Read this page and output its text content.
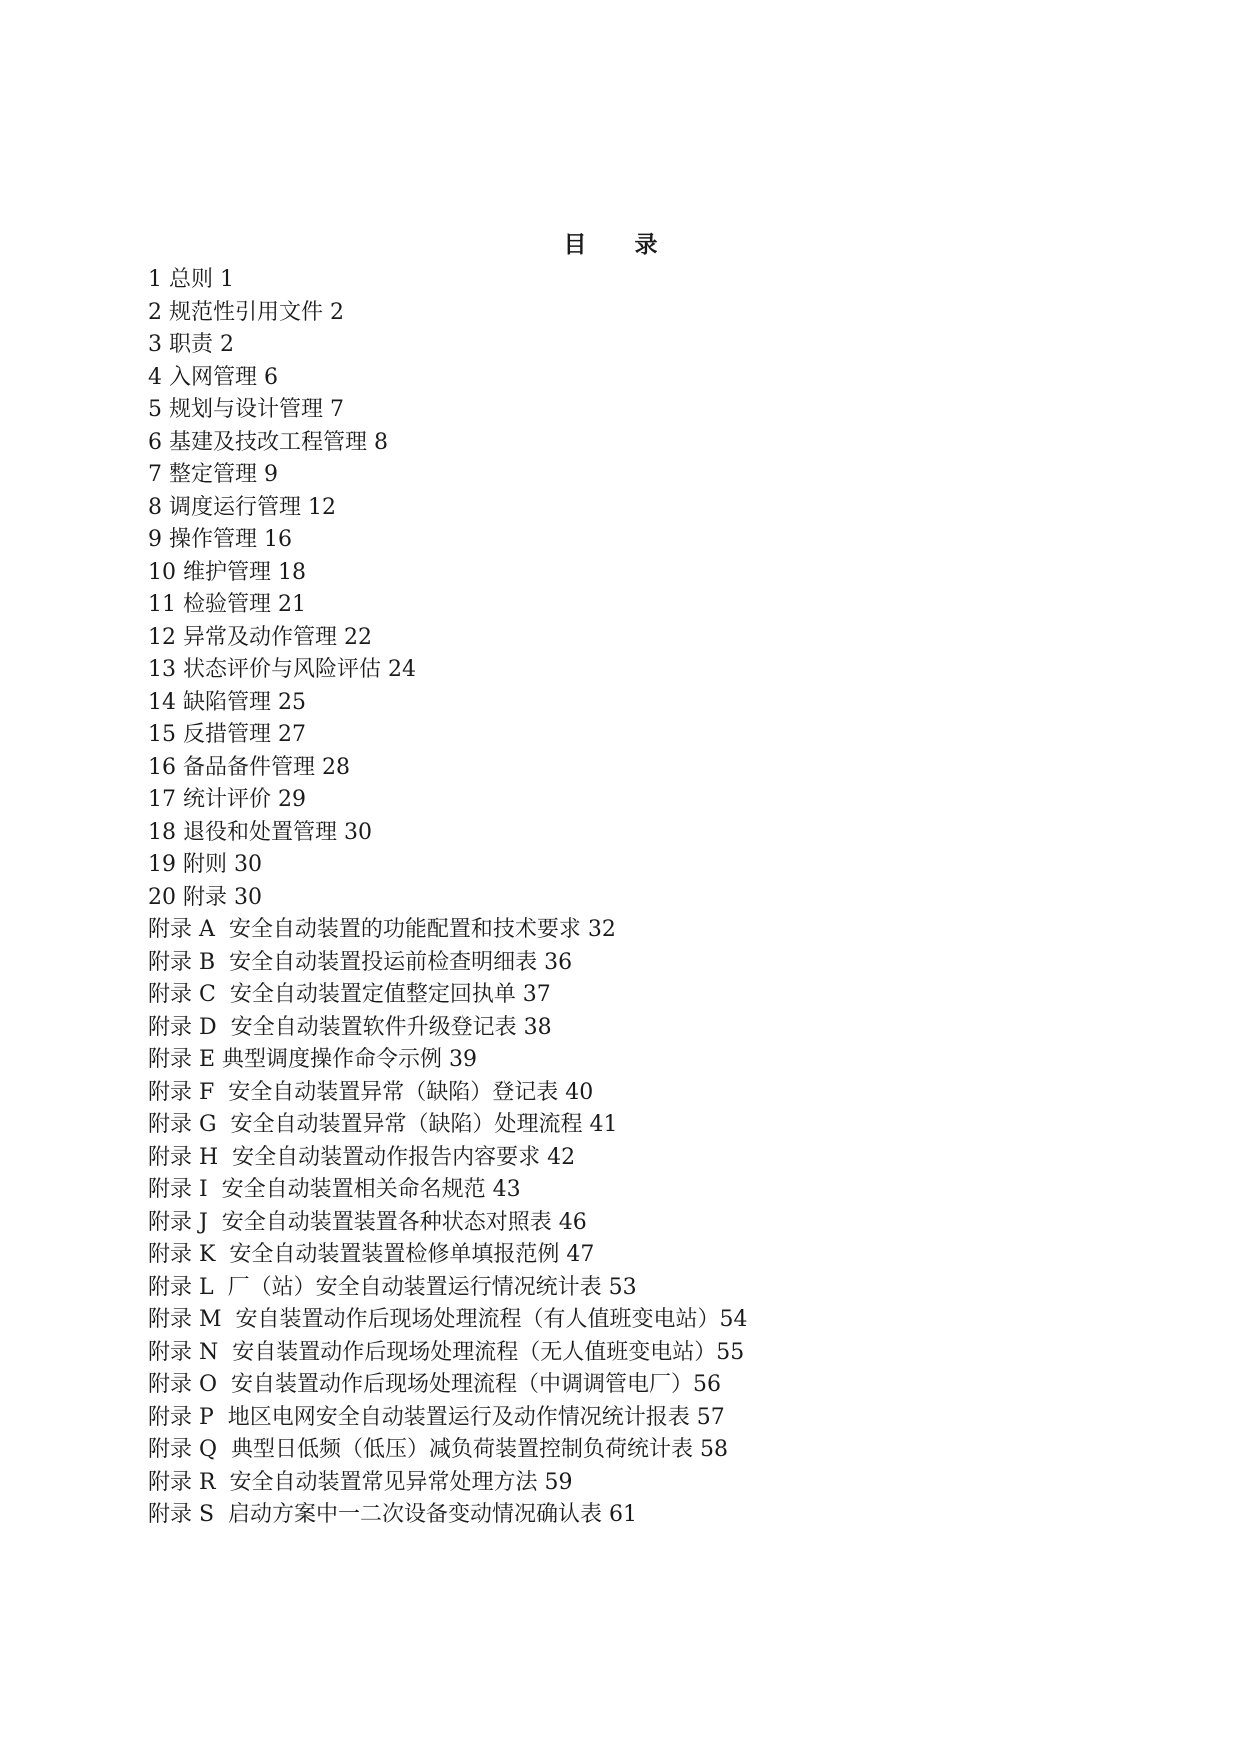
目 录
1 总则 1
2 规范性引用文件 2
3 职责 2
4 入网管理 6
5 规划与设计管理 7
6 基建及技改工程管理 8
7 整定管理 9
8 调度运行管理 12
9 操作管理 16
10 维护管理 18
11 检验管理 21
12 异常及动作管理 22
13 状态评价与风险评估 24
14 缺陷管理 25
15 反措管理 27
16 备品备件管理 28
17 统计评价 29
18 退役和处置管理 30
19 附则 30
20 附录 30
附录 A  安全自动装置的功能配置和技术要求 32
附录 B  安全自动装置投运前检查明细表 36
附录 C  安全自动装置定值整定回执单 37
附录 D  安全自动装置软件升级登记表 38
附录 E 典型调度操作命令示例 39
附录 F  安全自动装置异常（缺陷）登记表 40
附录 G  安全自动装置异常（缺陷）处理流程 41
附录 H  安全自动装置动作报告内容要求 42
附录 I  安全自动装置相关命名规范 43
附录 J  安全自动装置装置各种状态对照表 46
附录 K  安全自动装置装置检修单填报范例 47
附录 L  厂（站）安全自动装置运行情况统计表 53
附录 M  安自装置动作后现场处理流程（有人值班变电站）54
附录 N  安自装置动作后现场处理流程（无人值班变电站）55
附录 O  安自装置动作后现场处理流程（中调调管电厂）56
附录 P  地区电网安全自动装置运行及动作情况统计报表 57
附录 Q  典型日低频（低压）减负荷装置控制负荷统计表 58
附录 R  安全自动装置常见异常处理方法 59
附录 S  启动方案中一二次设备变动情况确认表 61
